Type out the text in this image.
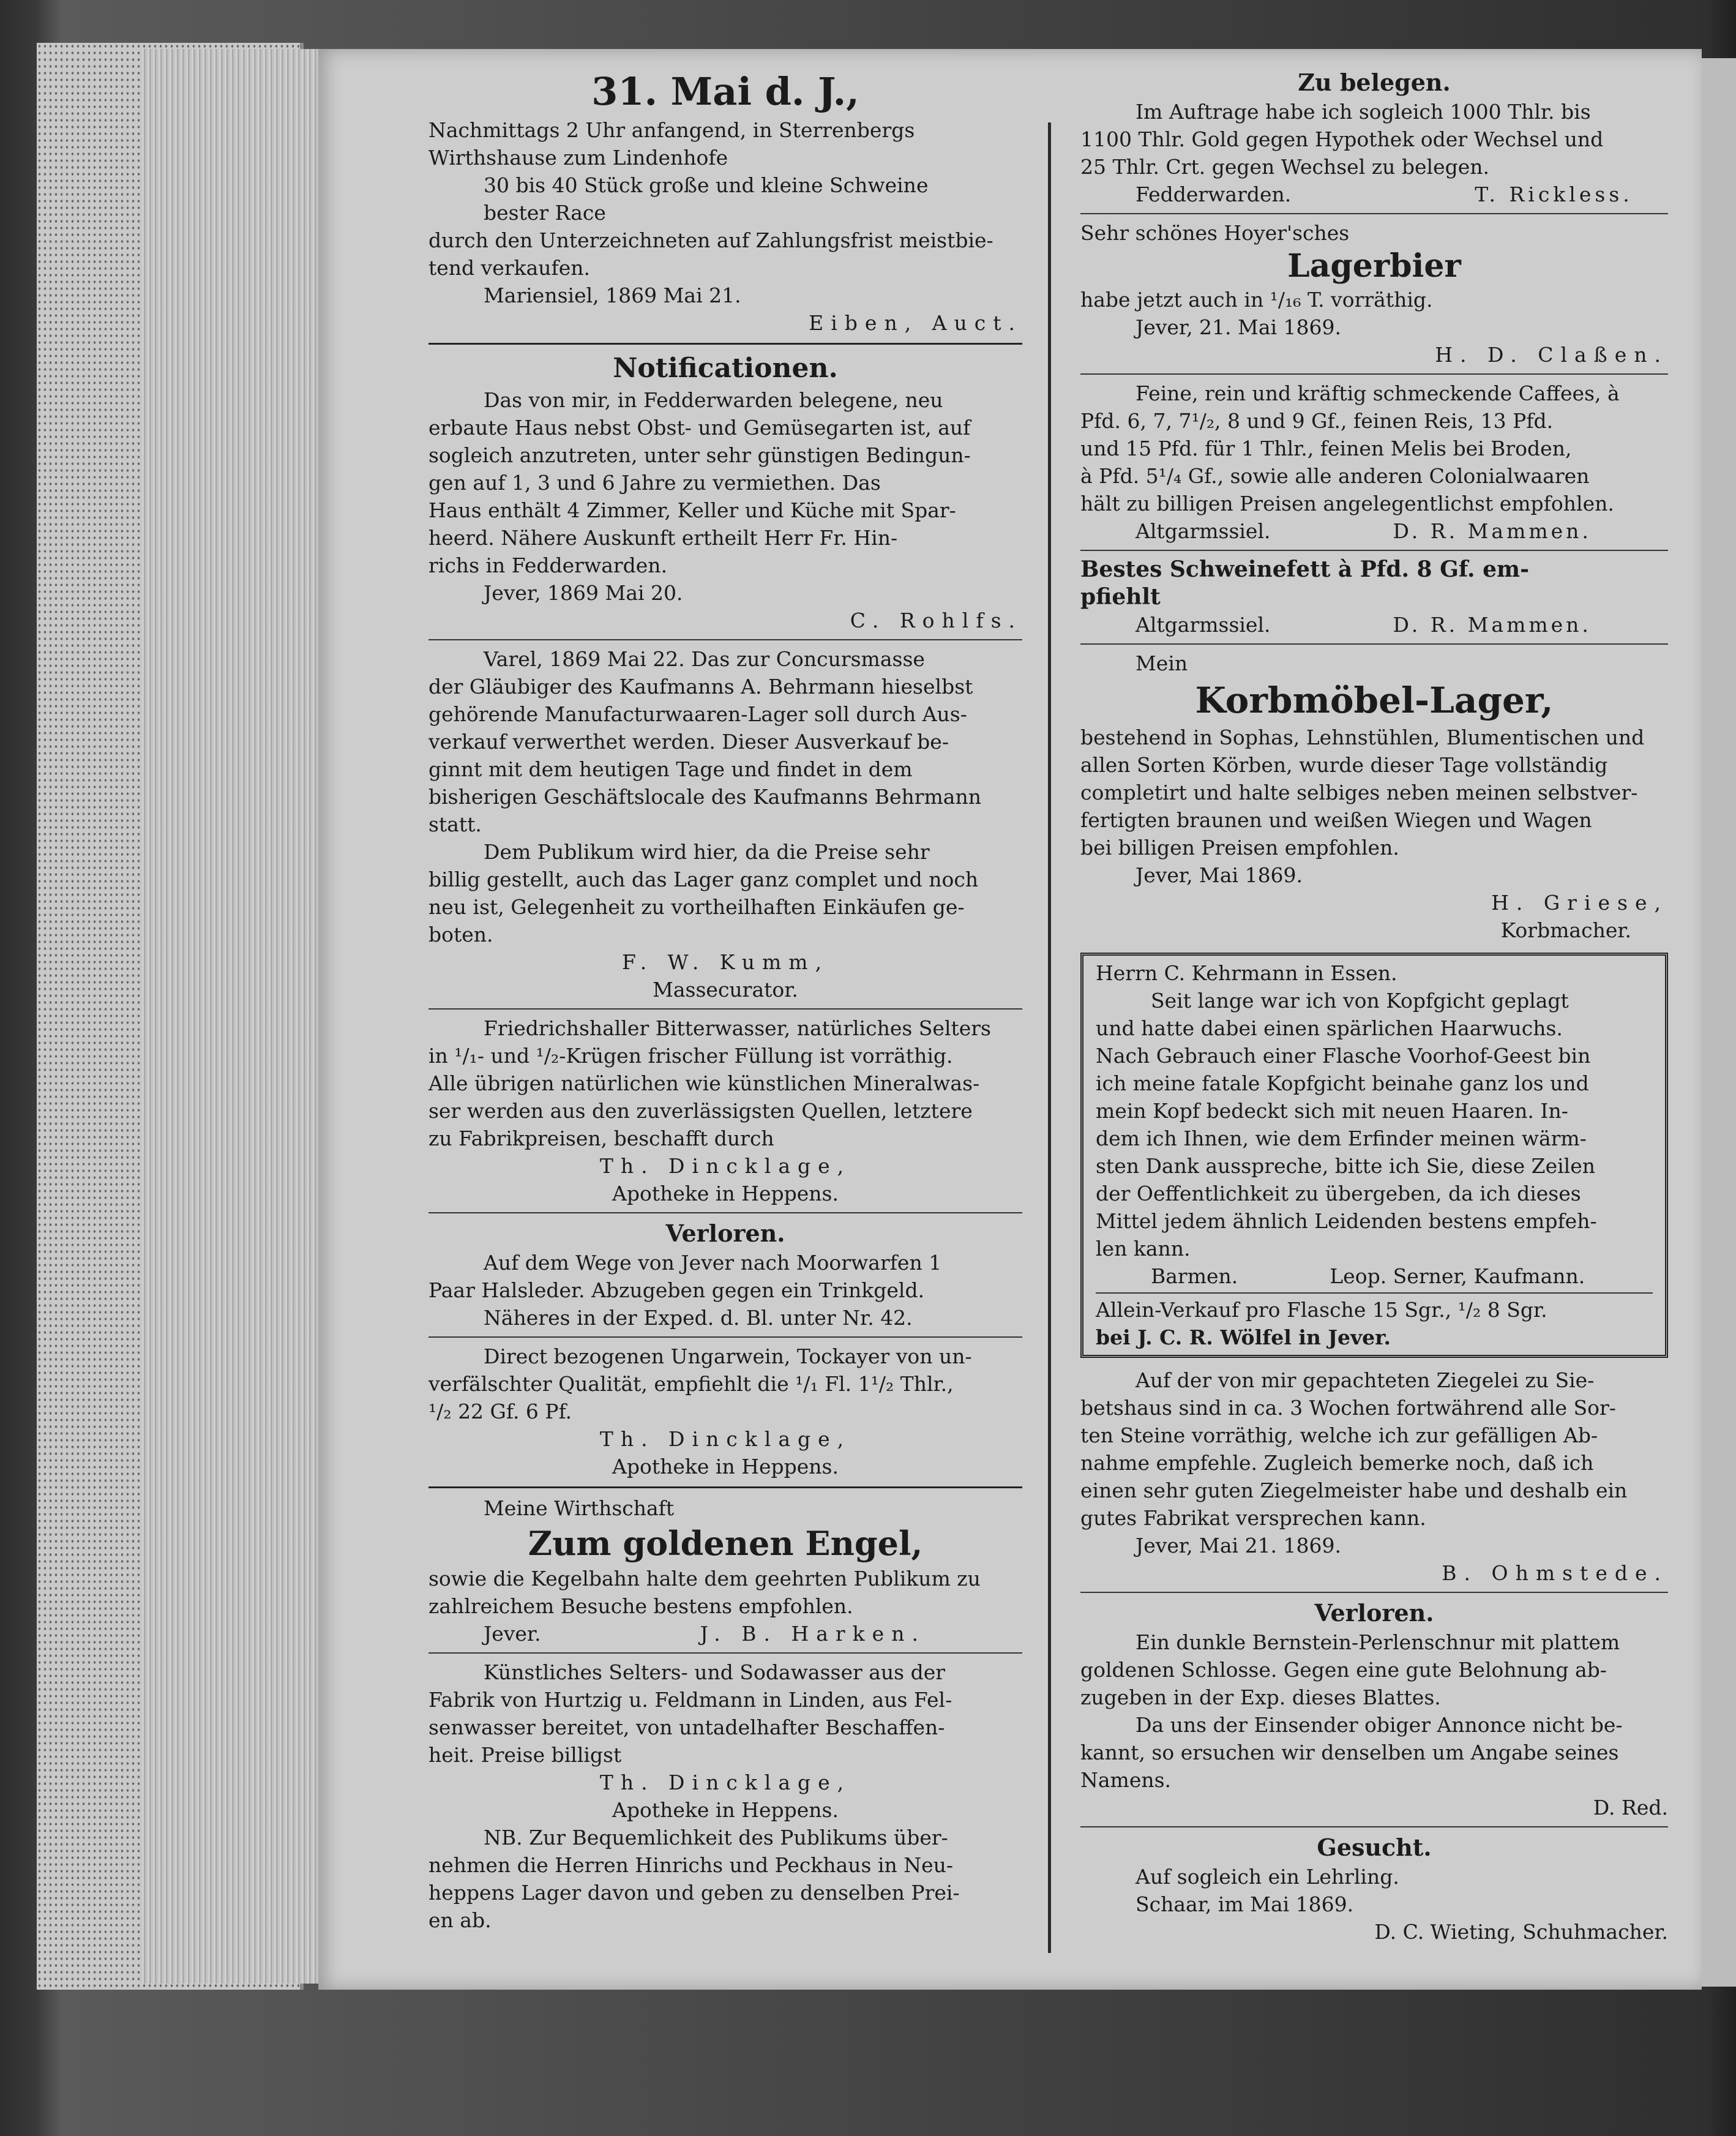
31. Mai d. J.,

Nachmittags 2 Uhr anfangend, in Sterrenbergs

Wirthshause zum Lindenhofe

30 bis 40 Stück große und kleine Schweine

bester Race

durch den Unterzeichneten auf Zahlungsfrist meistbie-

tend verkaufen.

Mariensiel, 1869 Mai 21.

Eiben, Auct.

Notificationen.

Das von mir, in Fedderwarden belegene, neu

erbaute Haus nebst Obst- und Gemüsegarten ist, auf

sogleich anzutreten, unter sehr günstigen Bedingun-

gen auf 1, 3 und 6 Jahre zu vermiethen. Das

Haus enthält 4 Zimmer, Keller und Küche mit Spar-

heerd. Nähere Auskunft ertheilt Herr Fr. Hin-

richs in Fedderwarden.

Jever, 1869 Mai 20.

C. Rohlfs.

Varel, 1869 Mai 22. Das zur Concursmasse

der Gläubiger des Kaufmanns A. Behrmann hieselbst

gehörende Manufacturwaaren-Lager soll durch Aus-

verkauf verwerthet werden. Dieser Ausverkauf be-

ginnt mit dem heutigen Tage und findet in dem

bisherigen Geschäftslocale des Kaufmanns Behrmann

statt.

Dem Publikum wird hier, da die Preise sehr

billig gestellt, auch das Lager ganz complet und noch

neu ist, Gelegenheit zu vortheilhaften Einkäufen ge-

boten.

F. W. Kumm,

Massecurator.

Friedrichshaller Bitterwasser, natürliches Selters

in ¹/₁- und ¹/₂-Krügen frischer Füllung ist vorräthig.

Alle übrigen natürlichen wie künstlichen Mineralwas-

ser werden aus den zuverlässigsten Quellen, letztere

zu Fabrikpreisen, beschafft durch

Th. Dincklage,

Apotheke in Heppens.

Verloren.

Auf dem Wege von Jever nach Moorwarfen 1

Paar Halsleder. Abzugeben gegen ein Trinkgeld.

Näheres in der Exped. d. Bl. unter Nr. 42.

Direct bezogenen Ungarwein, Tockayer von un-

verfälschter Qualität, empfiehlt die ¹/₁ Fl. 1¹/₂ Thlr.,

¹/₂ 22 Gf. 6 Pf.

Th. Dincklage,

Apotheke in Heppens.

Meine Wirthschaft

Zum goldenen Engel,

sowie die Kegelbahn halte dem geehrten Publikum zu

zahlreichem Besuche bestens empfohlen.

Jever.	J. B. Harken.

Künstliches Selters- und Sodawasser aus der

Fabrik von Hurtzig u. Feldmann in Linden, aus Fel-

senwasser bereitet, von untadelhafter Beschaffen-

heit. Preise billigst

Th. Dincklage,

Apotheke in Heppens.

NB. Zur Bequemlichkeit des Publikums über-

nehmen die Herren Hinrichs und Peckhaus in Neu-

heppens Lager davon und geben zu denselben Prei-

en ab.

Zu belegen.

Im Auftrage habe ich sogleich 1000 Thlr. bis

1100 Thlr. Gold gegen Hypothek oder Wechsel und

25 Thlr. Crt. gegen Wechsel zu belegen.

Fedderwarden.	T. Rickless.

Sehr schönes Hoyer'sches

Lagerbier

habe jetzt auch in ¹/₁₆ T. vorräthig.

Jever, 21. Mai 1869.

H. D. Claßen.

Feine, rein und kräftig schmeckende Caffees, à

Pfd. 6, 7, 7¹/₂, 8 und 9 Gf., feinen Reis, 13 Pfd.

und 15 Pfd. für 1 Thlr., feinen Melis bei Broden,

à Pfd. 5¹/₄ Gf., sowie alle anderen Colonialwaaren

hält zu billigen Preisen angelegentlichst empfohlen.

Altgarmssiel.	D. R. Mammen.

Bestes Schweinefett à Pfd. 8 Gf. em-

pfiehlt

Altgarmssiel.	D. R. Mammen.

Mein

Korbmöbel-Lager,

bestehend in Sophas, Lehnstühlen, Blumentischen und

allen Sorten Körben, wurde dieser Tage vollständig

completirt und halte selbiges neben meinen selbstver-

fertigten braunen und weißen Wiegen und Wagen

bei billigen Preisen empfohlen.

Jever, Mai 1869.

H. Griese,

Korbmacher.

Herrn C. Kehrmann in Essen.

Seit lange war ich von Kopfgicht geplagt

und hatte dabei einen spärlichen Haarwuchs.

Nach Gebrauch einer Flasche Voorhof-Geest bin

ich meine fatale Kopfgicht beinahe ganz los und

mein Kopf bedeckt sich mit neuen Haaren. In-

dem ich Ihnen, wie dem Erfinder meinen wärm-

sten Dank ausspreche, bitte ich Sie, diese Zeilen

der Oeffentlichkeit zu übergeben, da ich dieses

Mittel jedem ähnlich Leidenden bestens empfeh-

len kann.

Barmen.	Leop. Serner, Kaufmann.

Allein-Verkauf pro Flasche 15 Sgr., ¹/₂ 8 Sgr.

bei J. C. R. Wölfel in Jever.

Auf der von mir gepachteten Ziegelei zu Sie-

betshaus sind in ca. 3 Wochen fortwährend alle Sor-

ten Steine vorräthig, welche ich zur gefälligen Ab-

nahme empfehle. Zugleich bemerke noch, daß ich

einen sehr guten Ziegelmeister habe und deshalb ein

gutes Fabrikat versprechen kann.

Jever, Mai 21. 1869.

B. Ohmstede.

Verloren.

Ein dunkle Bernstein-Perlenschnur mit plattem

goldenen Schlosse. Gegen eine gute Belohnung ab-

zugeben in der Exp. dieses Blattes.

Da uns der Einsender obiger Annonce nicht be-

kannt, so ersuchen wir denselben um Angabe seines

Namens.

D. Red.

Gesucht.

Auf sogleich ein Lehrling.

Schaar, im Mai 1869.

D. C. Wieting, Schuhmacher.
